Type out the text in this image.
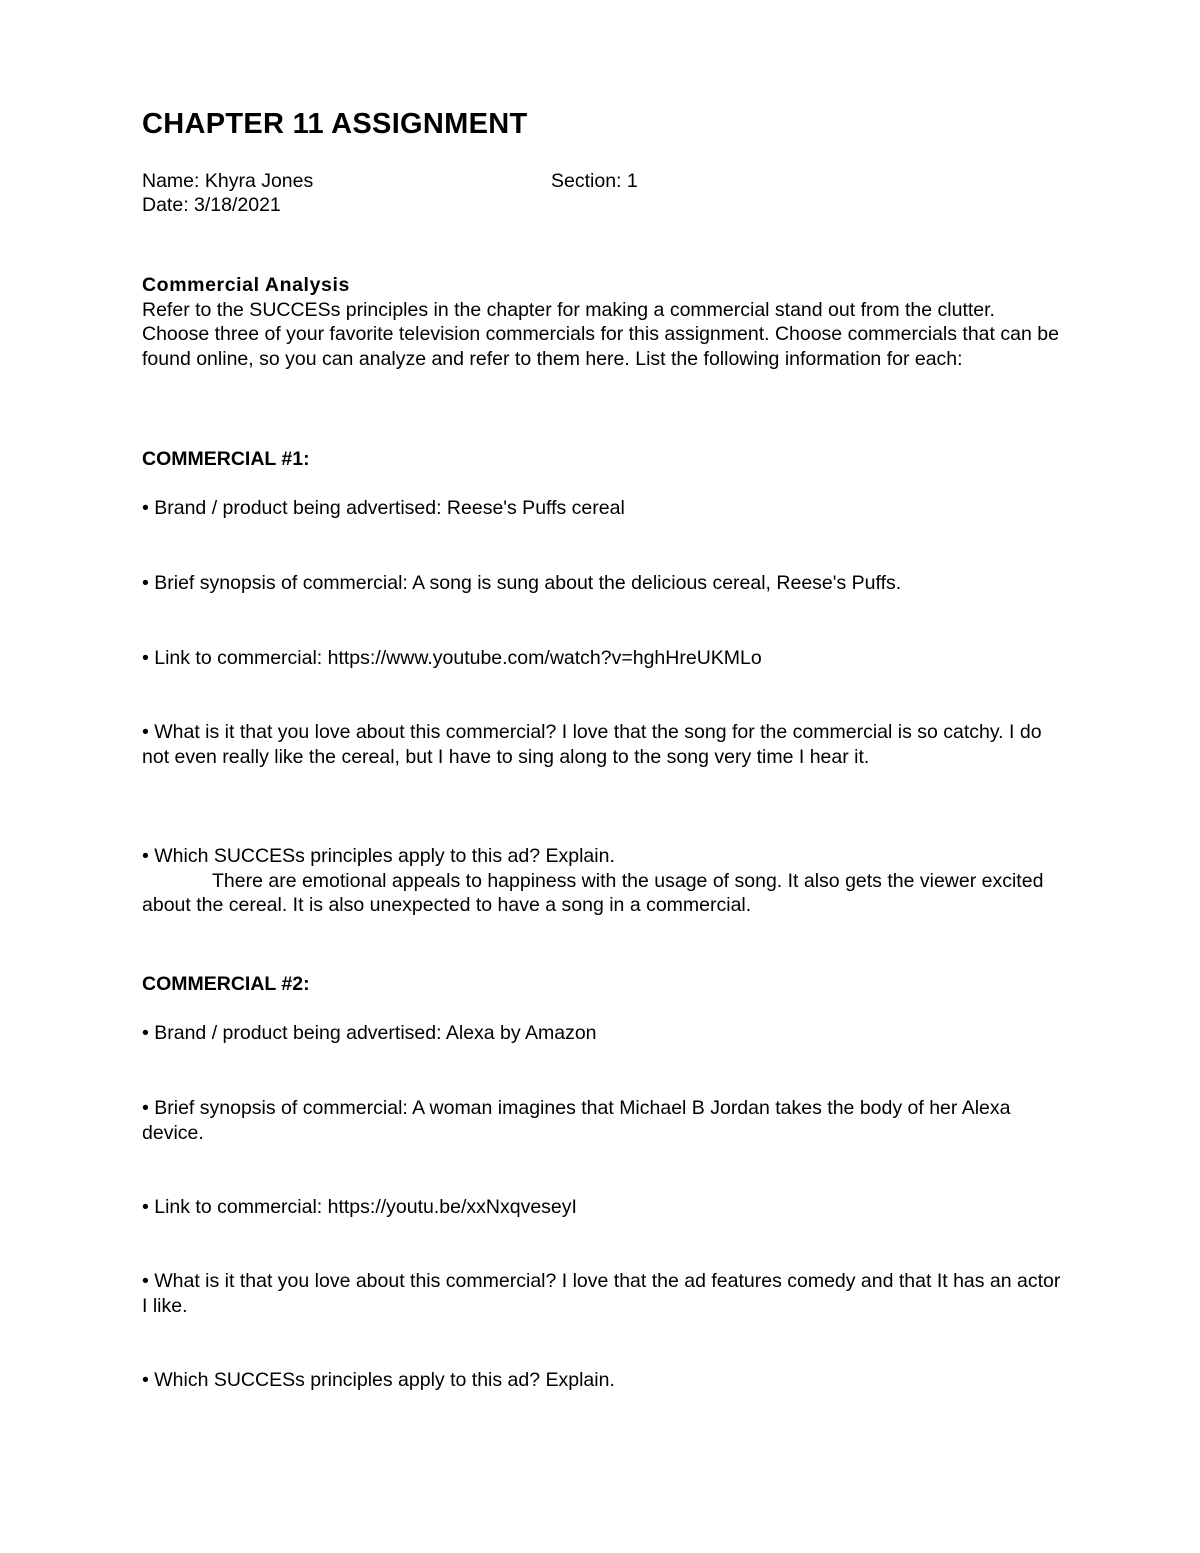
CHAPTER 11 ASSIGNMENT
Name: Khyra Jones	Section: 1
Date: 3/18/2021
Commercial Analysis
Refer to the SUCCESs principles in the chapter for making a commercial stand out from the clutter. Choose three of your favorite television commercials for this assignment. Choose commercials that can be found online, so you can analyze and refer to them here. List the following information for each:
COMMERCIAL #1:
• Brand / product being advertised: Reese's Puffs cereal
• Brief synopsis of commercial: A song is sung about the delicious cereal, Reese's Puffs.
• Link to commercial: https://www.youtube.com/watch?v=hghHreUKMLo
• What is it that you love about this commercial? I love that the song for the commercial is so catchy. I do not even really like the cereal, but I have to sing along to the song very time I hear it.
• Which SUCCESs principles apply to this ad? Explain.
There are emotional appeals to happiness with the usage of song. It also gets the viewer excited about the cereal. It is also unexpected to have a song in a commercial.
COMMERCIAL #2:
• Brand / product being advertised: Alexa by Amazon
• Brief synopsis of commercial: A woman imagines that Michael B Jordan takes the body of her Alexa device.
• Link to commercial: https://youtu.be/xxNxqveseyI
• What is it that you love about this commercial? I love that the ad features comedy and that It has an actor I like.
• Which SUCCESs principles apply to this ad? Explain.
